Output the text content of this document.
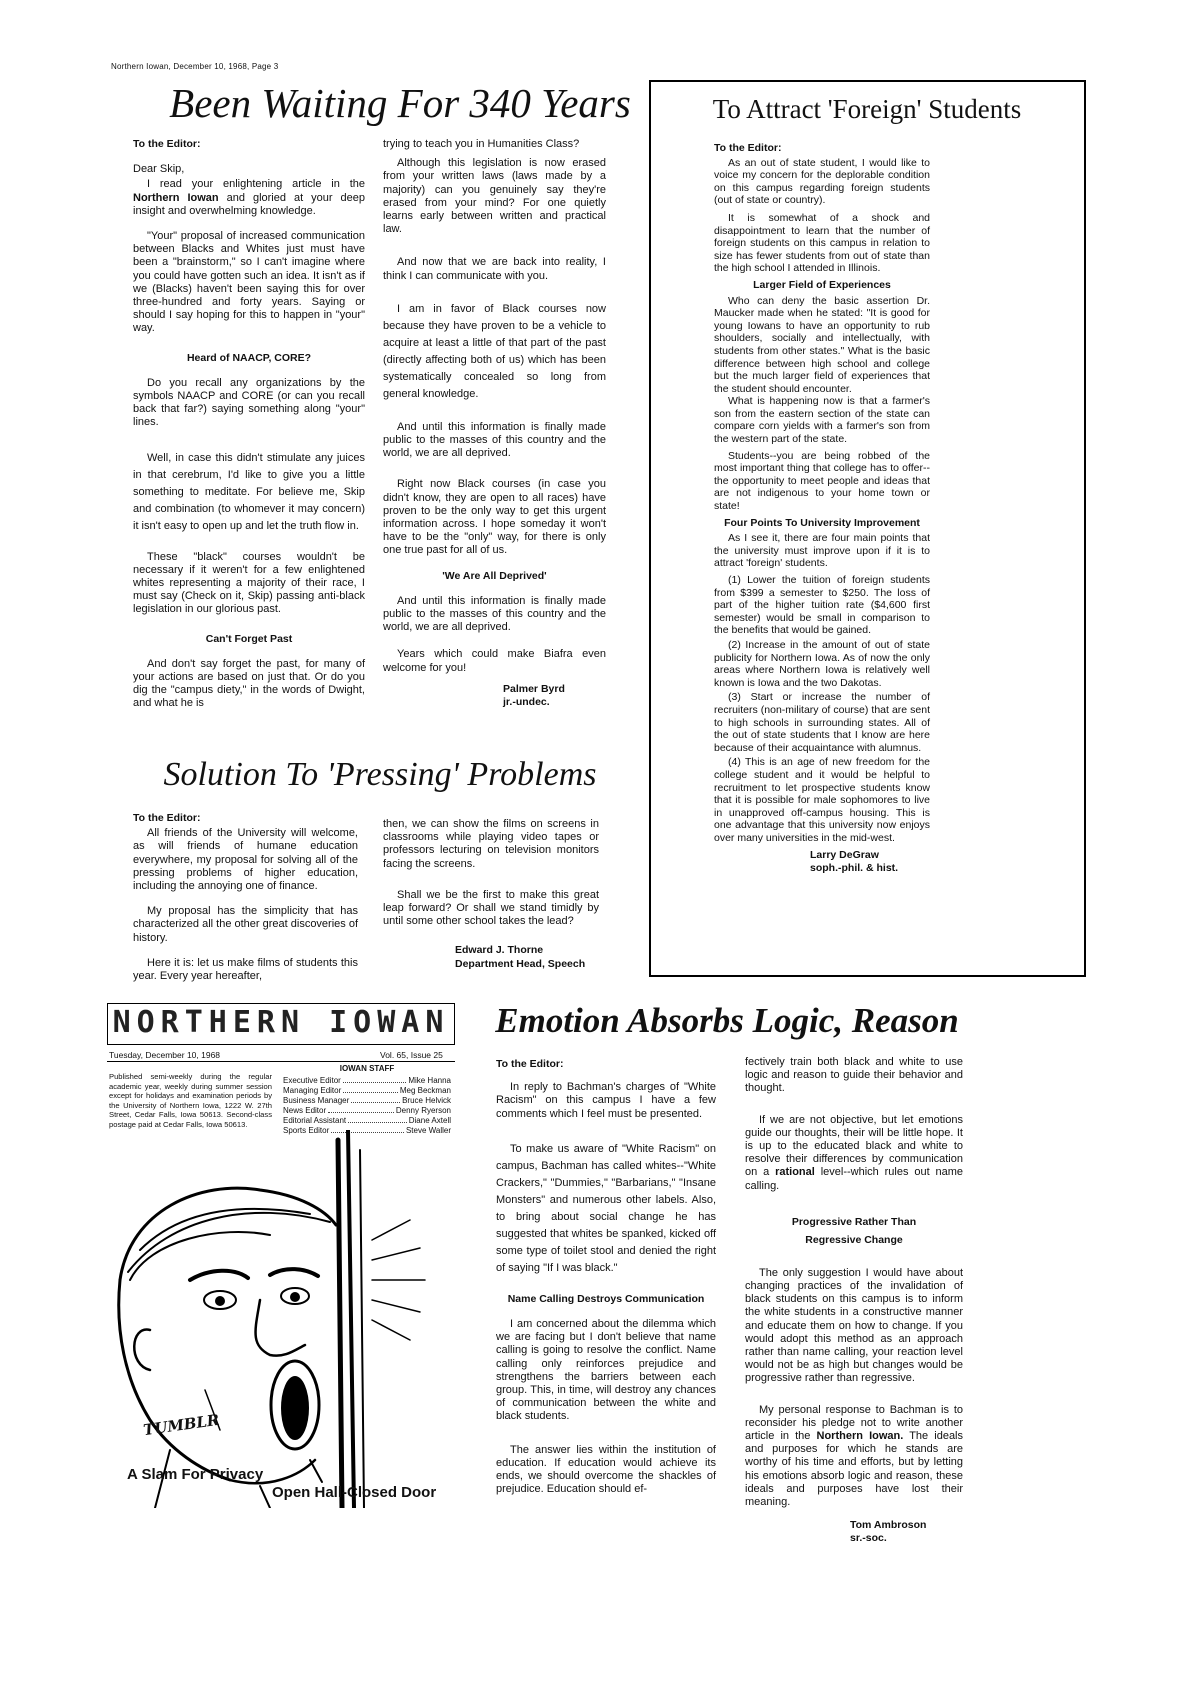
Northern Iowan, December 10, 1968, Page 3
Been Waiting For 340 Years

To the Editor:

Dear Skip,

I read your enlightening article in the Northern Iowan and gloried at your deep insight and overwhelming knowledge.

"Your" proposal of increased communication between Blacks and Whites just must have been a "brainstorm," so I can't imagine where you could have gotten such an idea. It isn't as if we (Blacks) haven't been saying this for over three-hundred and forty years. Saying or should I say hoping for this to happen in "your" way.

Heard of NAACP, CORE?

Do you recall any organizations by the symbols NAACP and CORE (or can you recall back that far?) saying something along "your" lines.

Well, in case this didn't stimulate any juices in that cerebrum, I'd like to give you a little something to meditate. For believe me, Skip and combination (to whomever it may concern) it isn't easy to open up and let the truth flow in.

These "black" courses wouldn't be necessary if it weren't for a few enlightened whites representing a majority of their race, I must say (Check on it, Skip) passing anti-black legislation in our glorious past.

Can't Forget Past

And don't say forget the past, for many of your actions are based on just that. Or do you dig the "campus diety," in the words of Dwight, and what he is

trying to teach you in Humanities Class?

Although this legislation is now erased from your written laws (laws made by a majority) can you genuinely say they're erased from your mind? For one quietly learns early between written and practical law.

And now that we are back into reality, I think I can communicate with you.

I am in favor of Black courses now because they have proven to be a vehicle to acquire at least a little of that part of the past (directly affecting both of us) which has been systematically concealed so long from general knowledge.

And until this information is finally made public to the masses of this country and the world, we are all deprived.

Right now Black courses (in case you didn't know, they are open to all races) have proven to be the only way to get this urgent information across. I hope someday it won't have to be the "only" way, for there is only one true past for all of us.

'We Are All Deprived'

And until this information is finally made public to the masses of this country and the world, we are all deprived.

Years which could make Biafra even welcome for you!

Palmer Byrd

jr.-undec.

To Attract 'Foreign' Students

To the Editor:

As an out of state student, I would like to voice my concern for the deplorable condition on this campus regarding foreign students (out of state or country).

It is somewhat of a shock and disappointment to learn that the number of foreign students on this campus in relation to size has fewer students from out of state than the high school I attended in Illinois.

Larger Field of Experiences

Who can deny the basic assertion Dr. Maucker made when he stated: "It is good for young Iowans to have an opportunity to rub shoulders, socially and intellectually, with students from other states." What is the basic difference between high school and college but the much larger field of experiences that the student should encounter.

What is happening now is that a farmer's son from the eastern section of the state can compare corn yields with a farmer's son from the western part of the state.

Students--you are being robbed of the most important thing that college has to offer--the opportunity to meet people and ideas that are not indigenous to your home town or state!

Four Points To University Improvement

As I see it, there are four main points that the university must improve upon if it is to attract 'foreign' students.

(1) Lower the tuition of foreign students from $399 a semester to $250. The loss of part of the higher tuition rate ($4,600 first semester) would be small in comparison to the benefits that would be gained.

(2) Increase in the amount of out of state publicity for Northern Iowa. As of now the only areas where Northern Iowa is relatively well known is Iowa and the two Dakotas.

(3) Start or increase the number of recruiters (non-military of course) that are sent to high schools in surrounding states. All of the out of state students that I know are here because of their acquaintance with alumnus.

(4) This is an age of new freedom for the college student and it would be helpful to recruitment to let prospective students know that it is possible for male sophomores to live in unapproved off-campus housing. This is one advantage that this university now enjoys over many universities in the mid-west.

Larry DeGraw

soph.-phil. & hist.

Solution To 'Pressing' Problems

To the Editor:

All friends of the University will welcome, as will friends of humane education everywhere, my proposal for solving all of the pressing problems of higher education, including the annoying one of finance.

My proposal has the simplicity that has characterized all the other great discoveries of history.

Here it is: let us make films of students this year. Every year hereafter,

then, we can show the films on screens in classrooms while playing video tapes or professors lecturing on television monitors facing the screens.

Shall we be the first to make this great leap forward? Or shall we stand timidly by until some other school takes the lead?

Edward J. Thorne

Department Head, Speech

NORTHERN IOWAN
Tuesday, December 10, 1968	Vol. 65, Issue 25
Published semi-weekly during the regular academic year, weekly during summer session except for holidays and examination periods by the University of Northern Iowa, 1222 W. 27th Street, Cedar Falls, Iowa 50613. Second-class postage paid at Cedar Falls, Iowa 50613.
IOWAN STAFF
Executive Editor	Mike Hanna
Managing Editor	Meg Beckman
Business Manager	Bruce Helvick
News Editor	Denny Ryerson
Editorial Assistant	Diane Axtell
Sports Editor	Steve Waller
TUMBLR
A Slam For Privacy
Open Hall-Closed Door
Emotion Absorbs Logic, Reason

To the Editor:

In reply to Bachman's charges of "White Racism" on this campus I have a few comments which I feel must be presented.

To make us aware of "White Racism" on campus, Bachman has called whites--"White Crackers," "Dummies," "Barbarians," "Insane Monsters" and numerous other labels. Also, to bring about social change he has suggested that whites be spanked, kicked off some type of toilet stool and denied the right of saying "If I was black."

Name Calling Destroys Communication

I am concerned about the dilemma which we are facing but I don't believe that name calling is going to resolve the conflict. Name calling only reinforces prejudice and strengthens the barriers between each group. This, in time, will destroy any chances of communication between the white and black students.

The answer lies within the institution of education. If education would achieve its ends, we should overcome the shackles of prejudice. Education should ef-

fectively train both black and white to use logic and reason to guide their behavior and thought.

If we are not objective, but let emotions guide our thoughts, their will be little hope. It is up to the educated black and white to resolve their differences by communication on a rational level--which rules out name calling.

Progressive Rather Than Regressive Change

The only suggestion I would have about changing practices of the invalidation of black students on this campus is to inform the white students in a constructive manner and educate them on how to change. If you would adopt this method as an approach rather than name calling, your reaction level would not be as high but changes would be progressive rather than regressive.

My personal response to Bachman is to reconsider his pledge not to write another article in the Northern Iowan. The ideals and purposes for which he stands are worthy of his time and efforts, but by letting his emotions absorb logic and reason, these ideals and purposes have lost their meaning.

Tom Ambroson

sr.-soc.
